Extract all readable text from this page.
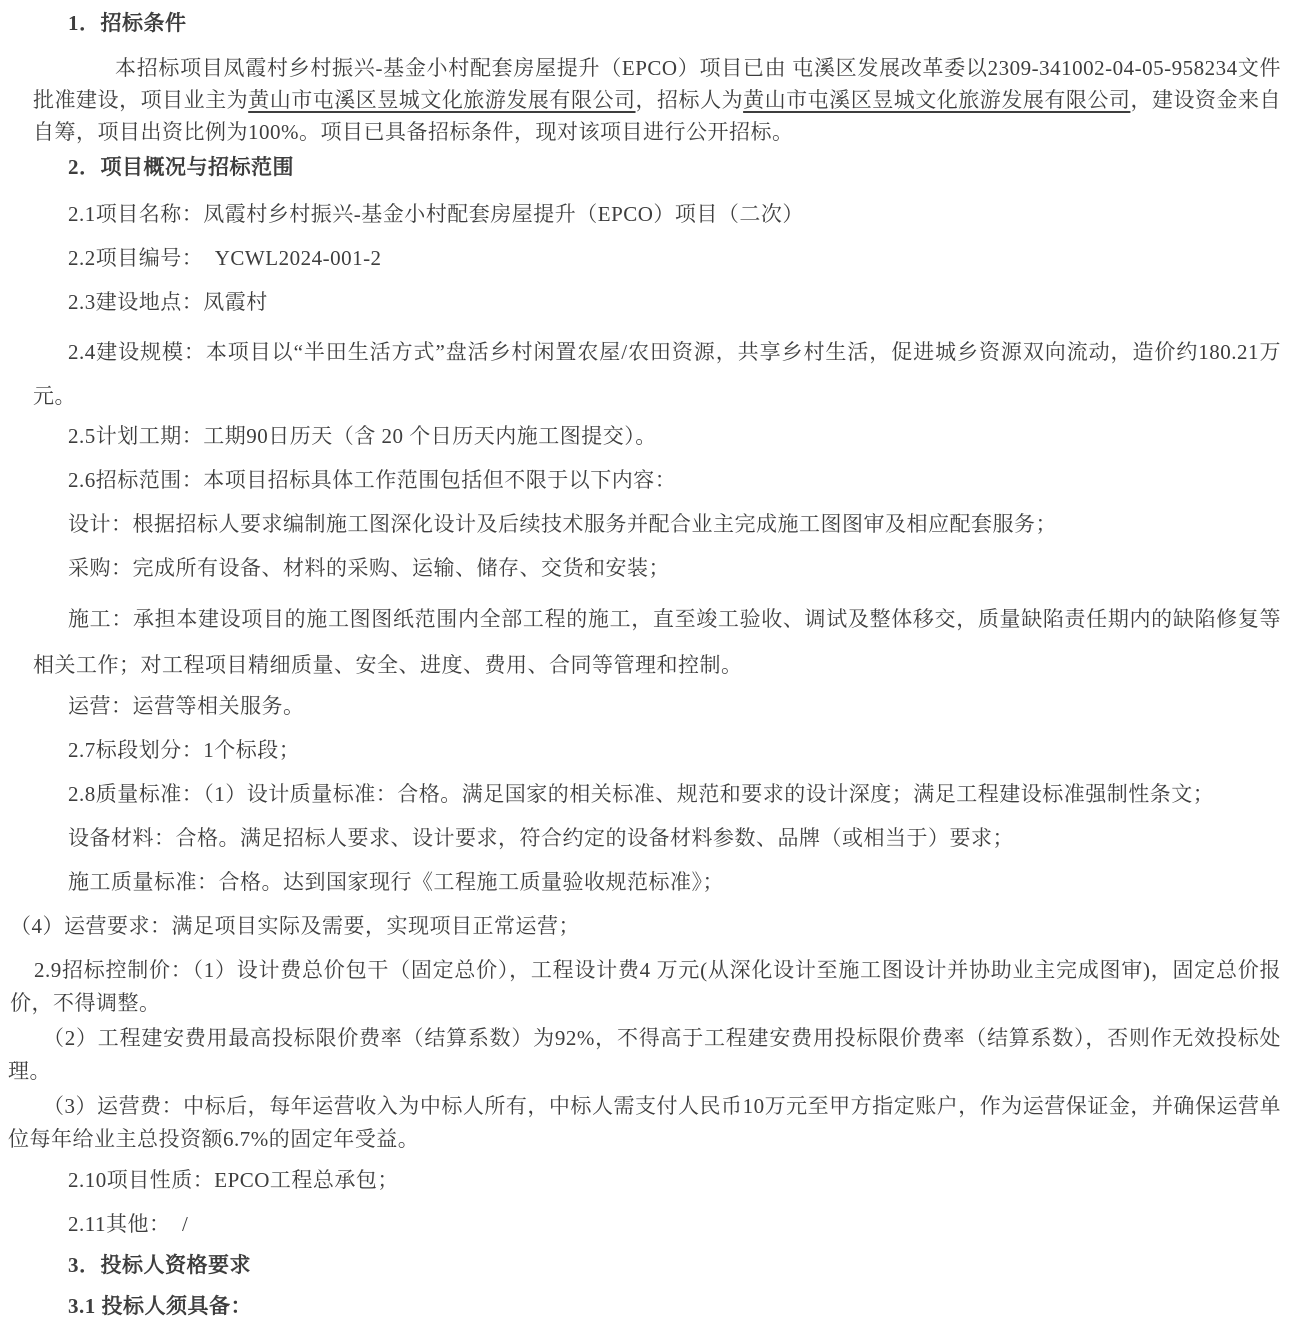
1．招标条件
本招标项目凤霞村乡村振兴-基金小村配套房屋提升（EPCO）项目已由 屯溪区发展改革委以2309-341002-04-05-958234文件  批准建设，项目业主为黄山市屯溪区昱城文化旅游发展有限公司，招标人为黄山市屯溪区昱城文化旅游发展有限公司，建设资金来自自筹，项目出资比例为100%。项目已具备招标条件，现对该项目进行公开招标。
2．项目概况与招标范围
2.1项目名称：凤霞村乡村振兴-基金小村配套房屋提升（EPCO）项目（二次）
2.2项目编号：  YCWL2024-001-2
2.3建设地点：凤霞村
2.4建设规模：本项目以“半田生活方式”盘活乡村闲置农屋/农田资源，共享乡村生活，促进城乡资源双向流动，造价约180.21万元。
2.5计划工期：工期90日历天（含 20 个日历天内施工图提交）。
2.6招标范围：本项目招标具体工作范围包括但不限于以下内容：
设计：根据招标人要求编制施工图深化设计及后续技术服务并配合业主完成施工图图审及相应配套服务；
采购：完成所有设备、材料的采购、运输、储存、交货和安装；
施工：承担本建设项目的施工图图纸范围内全部工程的施工，直至竣工验收、调试及整体移交，质量缺陷责任期内的缺陷修复等相关工作；对工程项目精细质量、安全、进度、费用、合同等管理和控制。
运营：运营等相关服务。
2.7标段划分：1个标段；
2.8质量标准：（1）设计质量标准：合格。满足国家的相关标准、规范和要求的设计深度；满足工程建设标准强制性条文；
设备材料：合格。满足招标人要求、设计要求，符合约定的设备材料参数、品牌（或相当于）要求；
施工质量标准：合格。达到国家现行《工程施工质量验收规范标准》；
（4）运营要求：满足项目实际及需要，实现项目正常运营；
2.9招标控制价：（1）设计费总价包干（固定总价），工程设计费4 万元(从深化设计至施工图设计并协助业主完成图审)，固定总价报价，不得调整。
（2）工程建安费用最高投标限价费率（结算系数）为92%，不得高于工程建安费用投标限价费率（结算系数），否则作无效投标处理。
（3）运营费：中标后，每年运营收入为中标人所有，中标人需支付人民币10万元至甲方指定账户，作为运营保证金，并确保运营单位每年给业主总投资额6.7%的固定年受益。
2.10项目性质：EPCO工程总承包；
2.11其他：  /
3．投标人资格要求
3.1 投标人须具备：
